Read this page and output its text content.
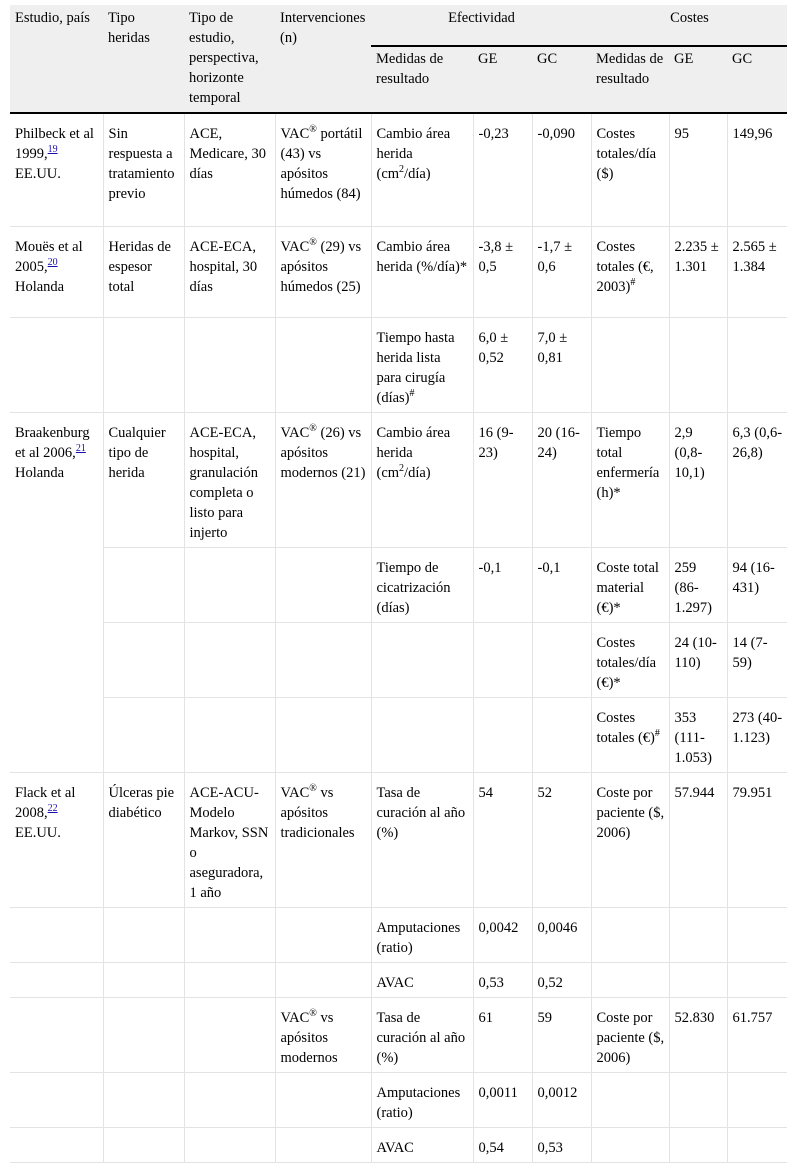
Estudio, país	Tipo heridas	Tipo de estudio, perspectiva, horizonte temporal	Intervenciones (n)	Efectividad			Costes		
				Medidas de resultado	GE	GC	Medidas de resultado	GE	GC
Philbeck et al 1999,19 EE.UU.	Sin respuesta a tratamiento previo	ACE, Medicare, 30 días	VAC® portátil (43) vs apósitos húmedos (84)	Cambio área herida $(cm^2/día)$	-0,23	-0,090	Costes totales/día ($)	95	149,96
Mouës et al 2005,20 Holanda	Heridas de espesor total	ACE-ECA, hospital, 30 días	VAC® (29) vs apósitos húmedos (25)	Cambio área herida (%/día)*	-3,8 ± 0,5	-1,7 ± 0,6	Costes totales (€, 2003)#	2.235 ± 1.301	2.565 ± 1.384
				Tiempo hasta herida lista para cirugía (días)#	6,0 ± 0,52	7,0 ± 0,81			
Braakenburg et al 2006,21 Holanda	Cualquier tipo de herida	ACE-ECA, hospital, granulación completa o listo para injerto	VAC® (26) vs apósitos modernos (21)	Cambio área herida $(cm^2/día)$	16 (9-23)	20 (16-24)	Tiempo total enfermería (h)*	2,9 (0,8-10,1)	6,3 (0,6-26,8)
				Tiempo de cicatrización (días)	-0,1	-0,1	Coste total material (€)*	259 (86-1.297)	94 (16-431)
							Costes totales/día (€)*	24 (10-110)	14 (7-59)
							Costes totales (€)#	353 (111-1.053)	273 (40-1.123)
Flack et al 2008,22 EE.UU.	Úlceras pie diabético	ACE-ACU-Modelo Markov, SSN o aseguradora, 1 año	VAC® vs apósitos tradicionales	Tasa de curación al año (%)	54	52	Coste por paciente ($, 2006)	57.944	79.951
				Amputaciones (ratio)	0,0042	0,0046			
				AVAC	0,53	0,52			
			VAC® vs apósitos modernos	Tasa de curación al año (%)	61	59	Coste por paciente ($, 2006)	52.830	61.757
				Amputaciones (ratio)	0,0011	0,0012			
				AVAC	0,54	0,53			
